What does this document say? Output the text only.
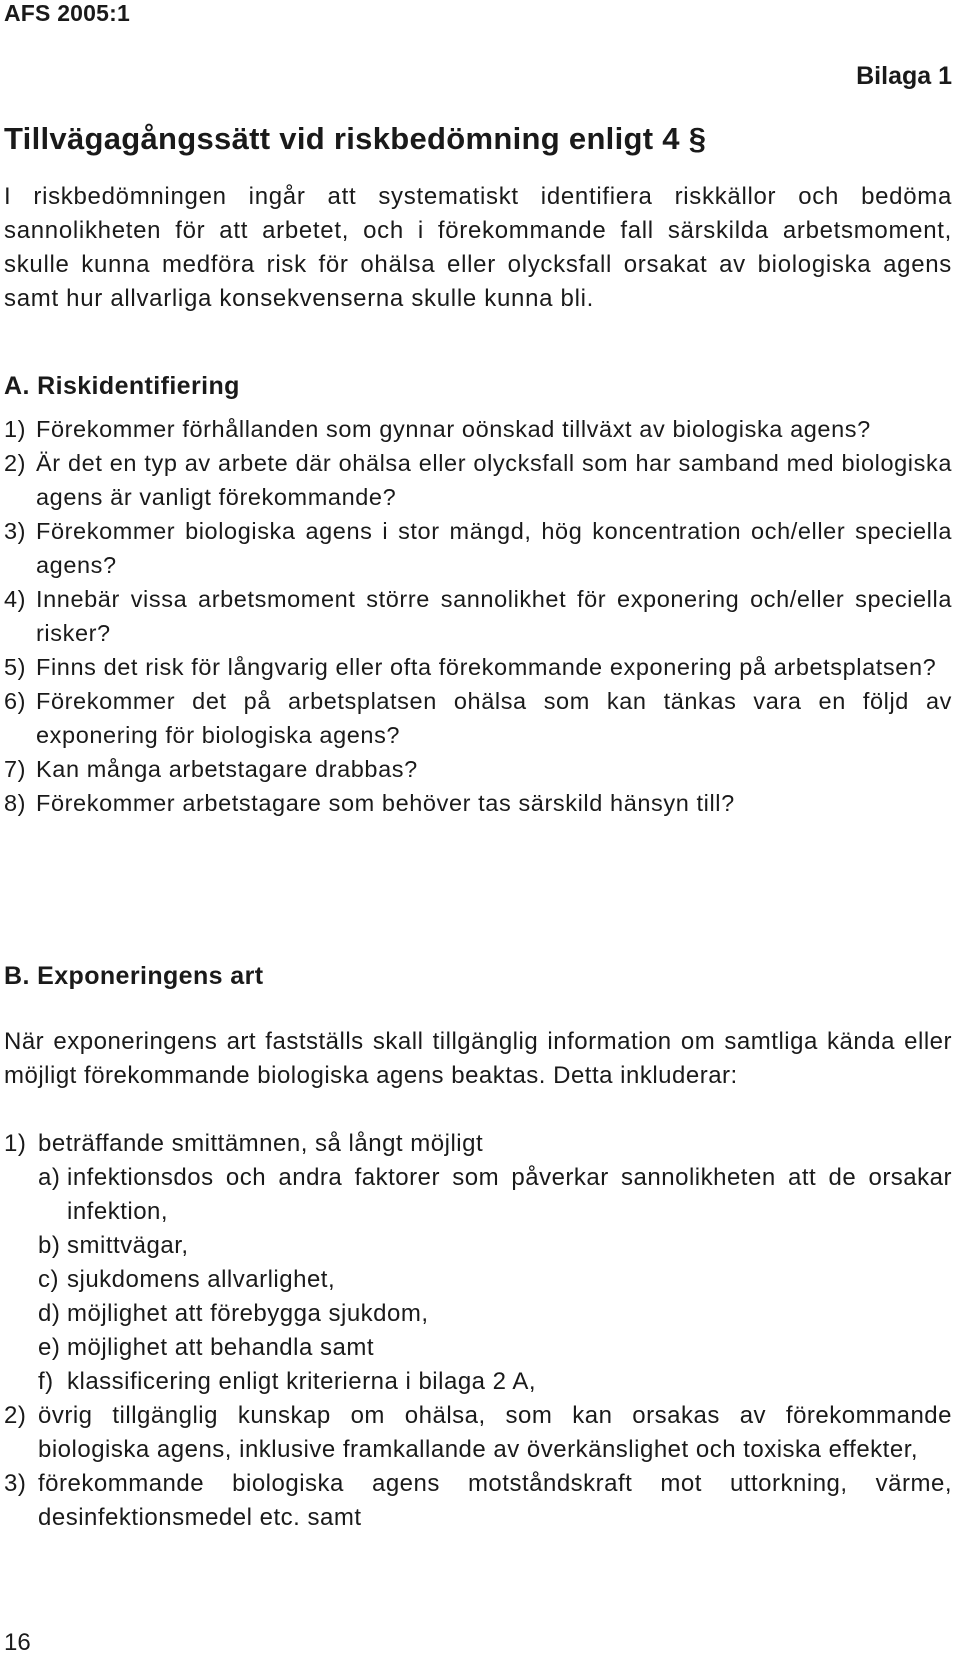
AFS 2005:1
Bilaga 1
Tillvägagångssätt vid riskbedömning enligt 4 §

I riskbedömningen ingår att systematiskt identifiera riskkällor och bedöma sannolikheten för att arbetet, och i förekommande fall särskilda arbetsmoment, skulle kunna medföra risk för ohälsa eller olycksfall orsakat av biologiska agens samt hur allvarliga konsekvenserna skulle kunna bli.

A. Riskidentifiering
1) Förekommer förhållanden som gynnar oönskad tillväxt av biologiska agens?
2) Är det en typ av arbete där ohälsa eller olycksfall som har samband med biologiska agens är vanligt förekommande?
3) Förekommer biologiska agens i stor mängd, hög koncentration och/eller speciella agens?
4) Innebär vissa arbetsmoment större sannolikhet för exponering och/eller speciella risker?
5) Finns det risk för långvarig eller ofta förekommande exponering på arbetsplatsen?
6) Förekommer det på arbetsplatsen ohälsa som kan tänkas vara en följd av exponering för biologiska agens?
7) Kan många arbetstagare drabbas?
8) Förekommer arbetstagare som behöver tas särskild hänsyn till?
B. Exponeringens art

När exponeringens art fastställs skall tillgänglig information om samtliga kända eller möjligt förekommande biologiska agens beaktas. Detta inkluderar:

1) beträffande smittämnen, så långt möjligt
a) infektionsdos och andra faktorer som påverkar sannolikheten att de orsakar infektion,
b) smittvägar,
c) sjukdomens allvarlighet,
d) möjlighet att förebygga sjukdom,
e) möjlighet att behandla samt
f) klassificering enligt kriterierna i bilaga 2 A,
2) övrig tillgänglig kunskap om ohälsa, som kan orsakas av förekommande biologiska agens, inklusive framkallande av överkänslighet och toxiska effekter,
3) förekommande biologiska agens motståndskraft mot uttorkning, värme, desinfektionsmedel etc. samt
16
